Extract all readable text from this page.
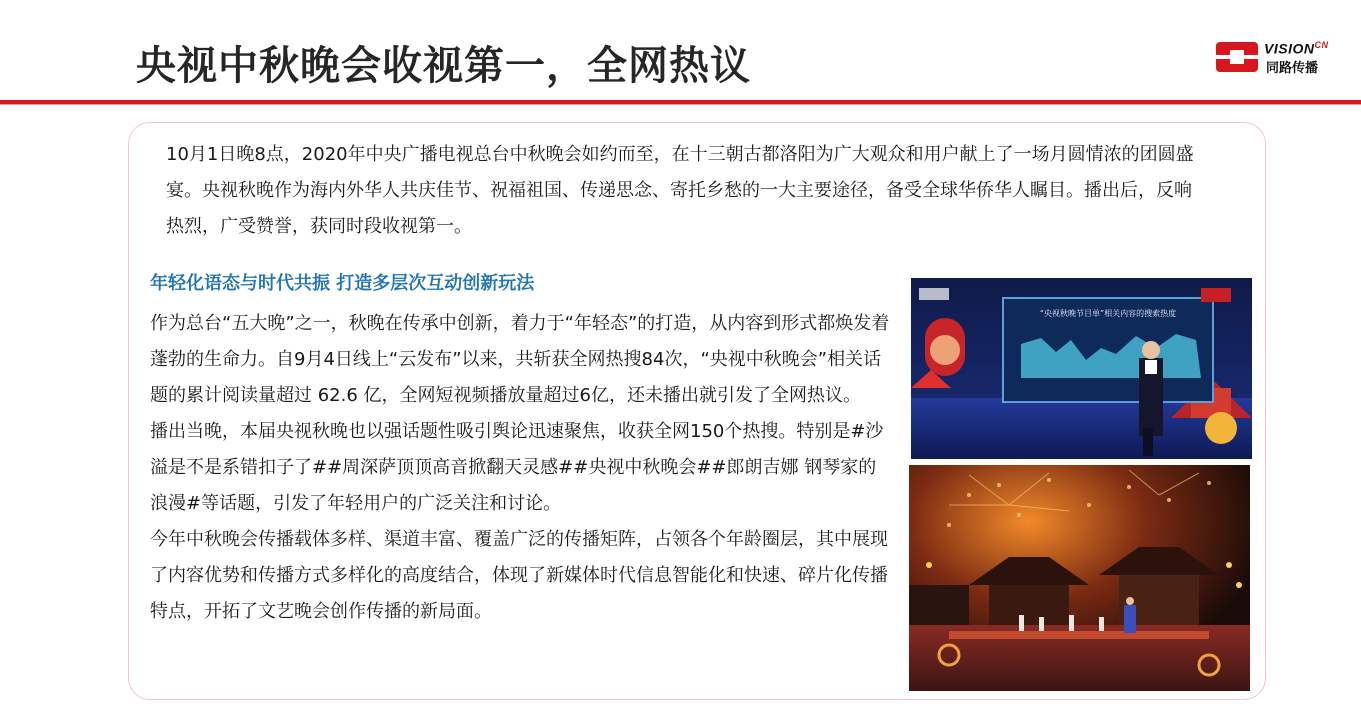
央视中秋晚会收视第一，全网热议	$VISION^{CN}$
同路传播

10月1日晚8点，2020年中央广播电视总台中秋晚会如约而至，在十三朝古都洛阳为广大观众和用户献上了一场月圆情浓的团圆盛宴。央视秋晚作为海内外华人共庆佳节、祝福祖国、传递思念、寄托乡愁的一大主要途径，备受全球华侨华人瞩目。播出后，反响热烈，广受赞誉，获同时段收视第一。

年轻化语态与时代共振 打造多层次互动创新玩法

作为总台“五大晚”之一，秋晚在传承中创新，着力于“年轻态”的打造，从内容到形式都焕发着蓬勃的生命力。自9月4日线上“云发布”以来，共斩获全网热搜84次，“央视中秋晚会”相关话题的累计阅读量超过 62.6 亿，全网短视频播放量超过6亿，还未播出就引发了全网热议。

播出当晚，本届央视秋晚也以强话题性吸引舆论迅速聚焦，收获全网150个热搜。特别是#沙溢是不是系错扣子了##周深萨顶顶高音掀翻天灵感##央视中秋晚会##郎朗吉娜 钢琴家的浪漫#等话题，引发了年轻用户的广泛关注和讨论。

今年中秋晚会传播载体多样、渠道丰富、覆盖广泛的传播矩阵，占领各个年龄圈层，其中展现了内容优势和传播方式多样化的高度结合，体现了新媒体时代信息智能化和快速、碎片化传播特点，开拓了文艺晚会创作传播的新局面。

“央视秋晚节目单”相关内容的搜索热度
